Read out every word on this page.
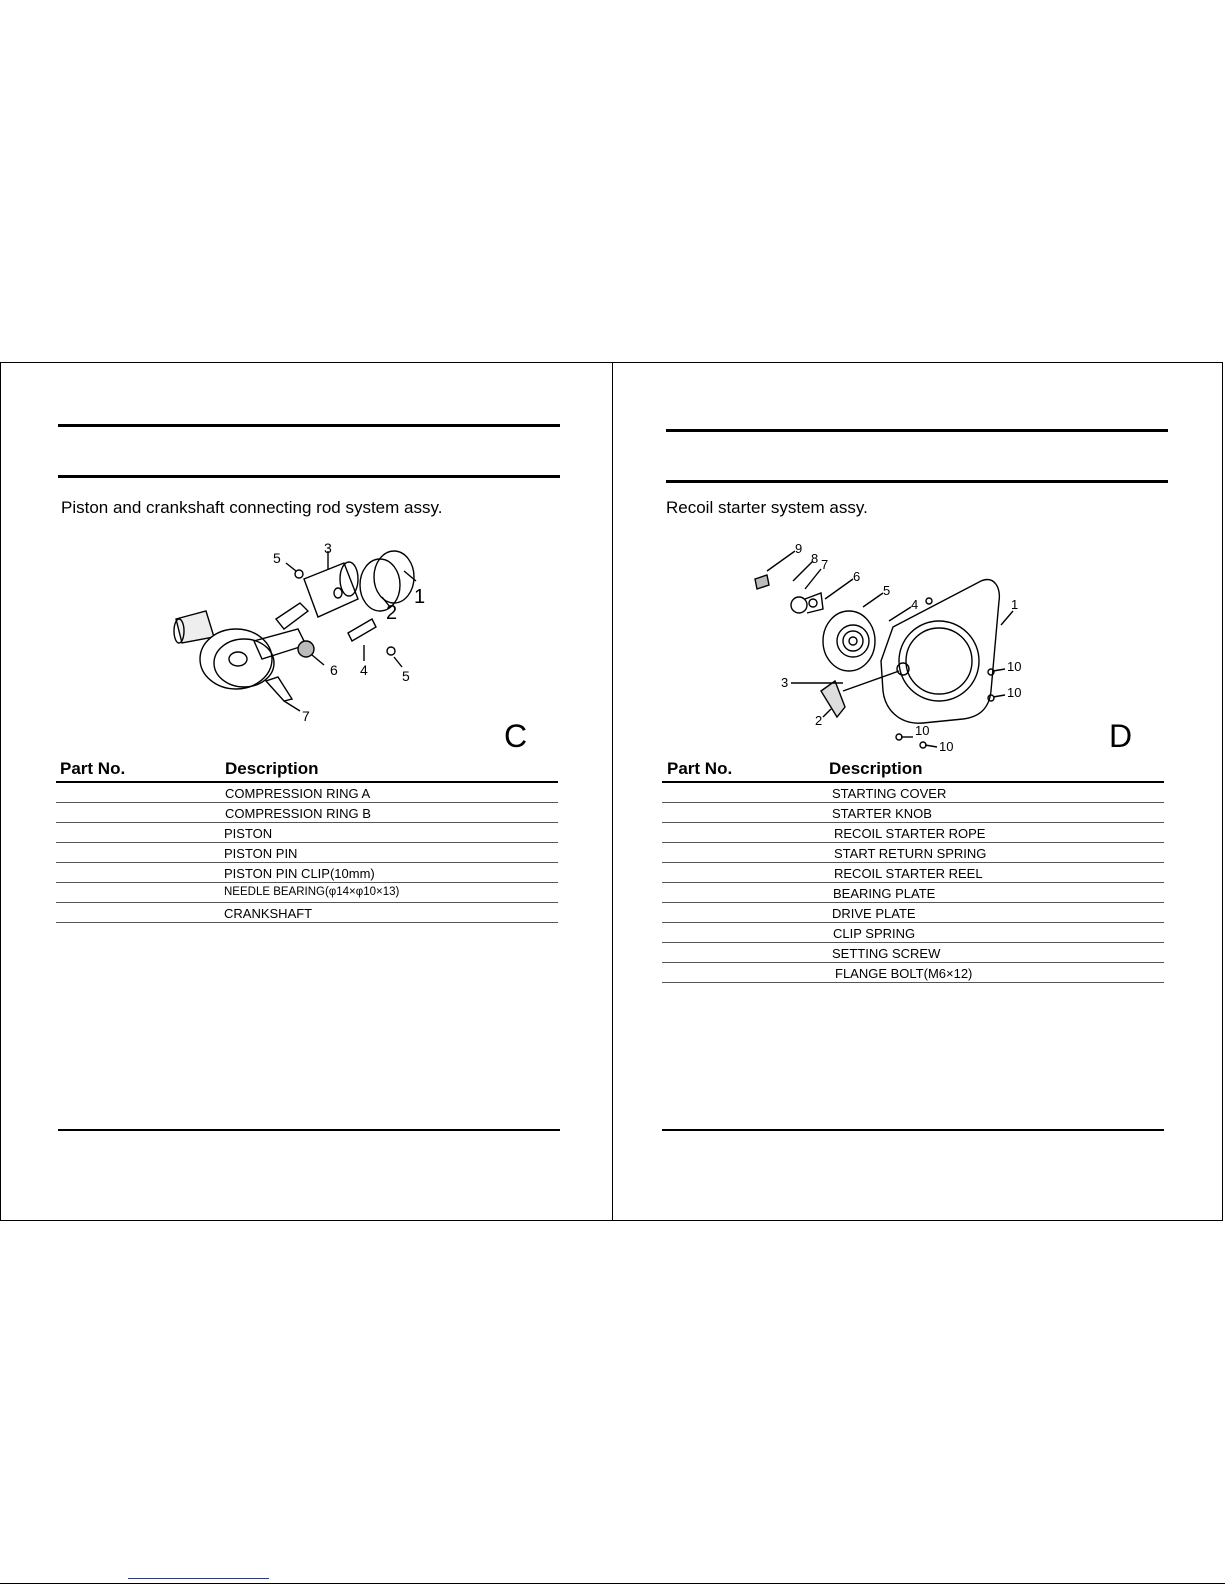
Piston and crankshaft connecting rod system assy.
5
3
1
2
4 5
6
7
C
Part No.	Description
COMPRESSION RING A
COMPRESSION RING B
PISTON
PISTON PIN
PISTON PIN CLIP(10mm)
NEEDLE BEARING(φ14×φ10×13)
CRANKSHAFT
Recoil starter system assy.
9
8 7
6
5
4	1
3
2
10
10
10
10	D
Part No.	Description
STARTING COVER
STARTER KNOB
RECOIL STARTER ROPE
START RETURN SPRING
RECOIL STARTER REEL
BEARING PLATE
DRIVE PLATE
CLIP SPRING
SETTING SCREW
FLANGE BOLT(M6×12)
